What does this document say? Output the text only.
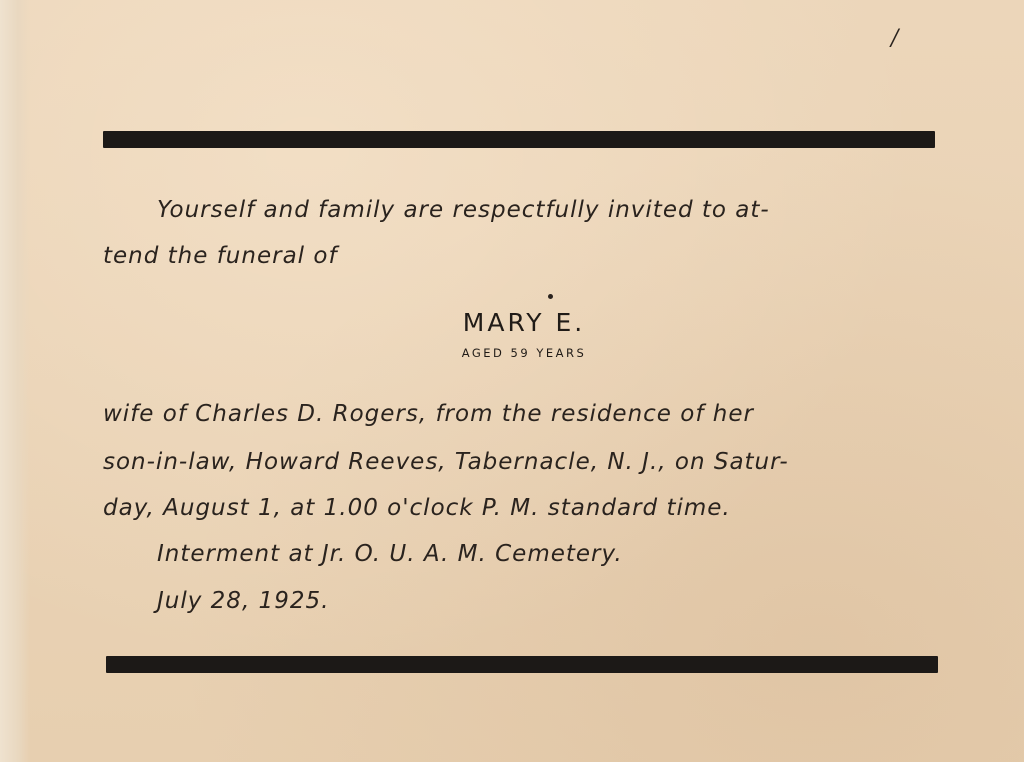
/
Yourself and family are respectfully invited to at-
tend the funeral of
MARY E.
AGED 59 YEARS
wife of Charles D. Rogers, from the residence of her
son-in-law, Howard Reeves, Tabernacle, N. J., on Satur-
day, August 1, at 1.00 o'clock P. M. standard time.
Interment at Jr. O. U. A. M. Cemetery.
July 28, 1925.
